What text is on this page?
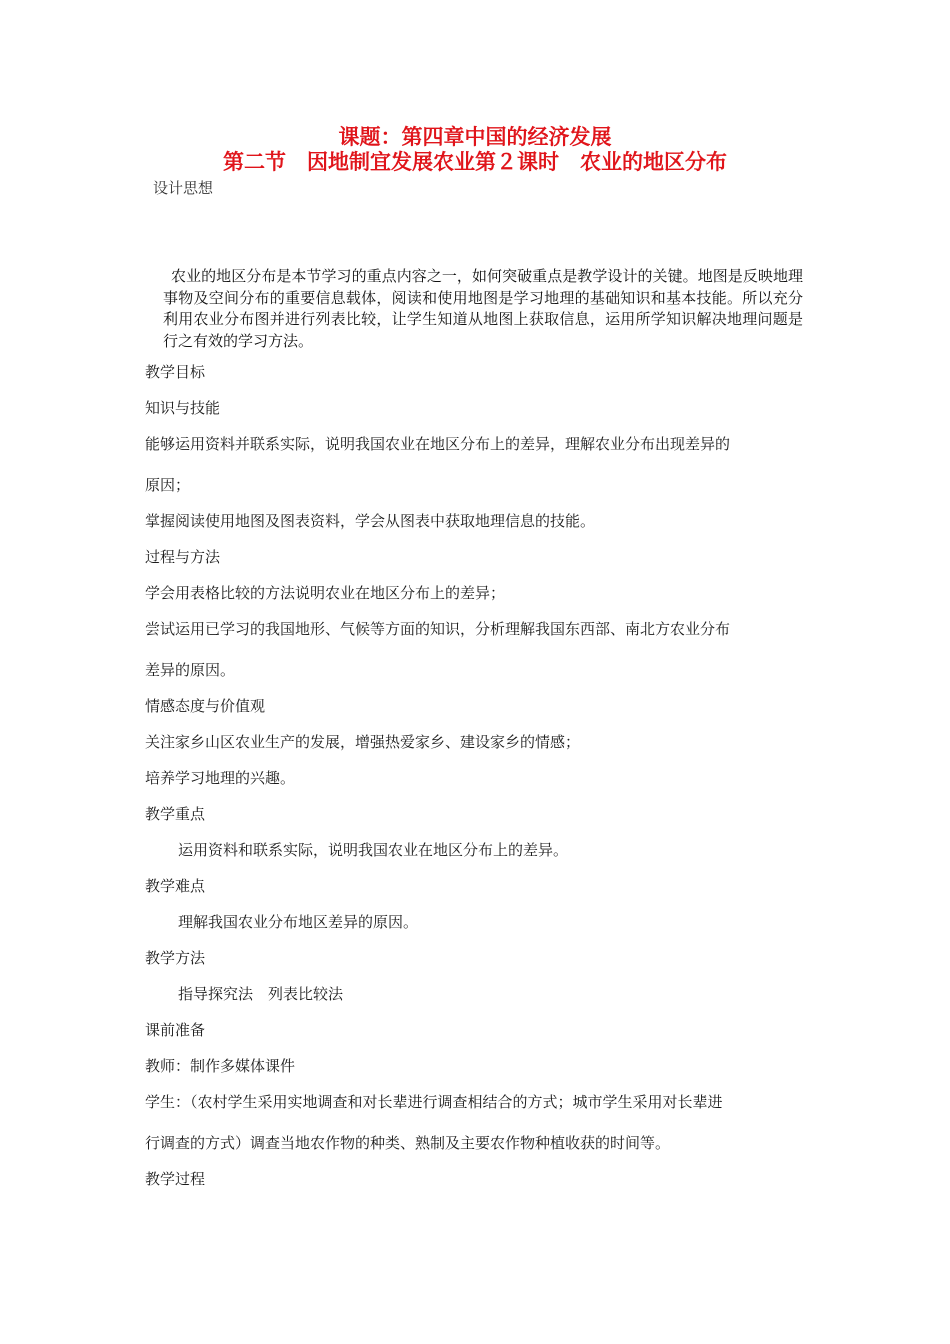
课题：第四章中国的经济发展
第二节　因地制宜发展农业第２课时　农业的地区分布
设计思想
农业的地区分布是本节学习的重点内容之一，如何突破重点是教学设计的关键。地图是反映地理事物及空间分布的重要信息载体，阅读和使用地图是学习地理的基础知识和基本技能。所以充分利用农业分布图并进行列表比较，让学生知道从地图上获取信息，运用所学知识解决地理问题是行之有效的学习方法。
教学目标
知识与技能
能够运用资料并联系实际，说明我国农业在地区分布上的差异，理解农业分布出现差异的
原因；
掌握阅读使用地图及图表资料，学会从图表中获取地理信息的技能。
过程与方法
学会用表格比较的方法说明农业在地区分布上的差异；
尝试运用已学习的我国地形、气候等方面的知识，分析理解我国东西部、南北方农业分布
差异的原因。
情感态度与价值观
关注家乡山区农业生产的发展，增强热爱家乡、建设家乡的情感；
培养学习地理的兴趣。
教学重点
运用资料和联系实际，说明我国农业在地区分布上的差异。
教学难点
理解我国农业分布地区差异的原因。
教学方法
指导探究法　列表比较法
课前准备
教师：制作多媒体课件
学生：（农村学生采用实地调查和对长辈进行调查相结合的方式；城市学生采用对长辈进
行调查的方式）调查当地农作物的种类、熟制及主要农作物种植收获的时间等。
教学过程
